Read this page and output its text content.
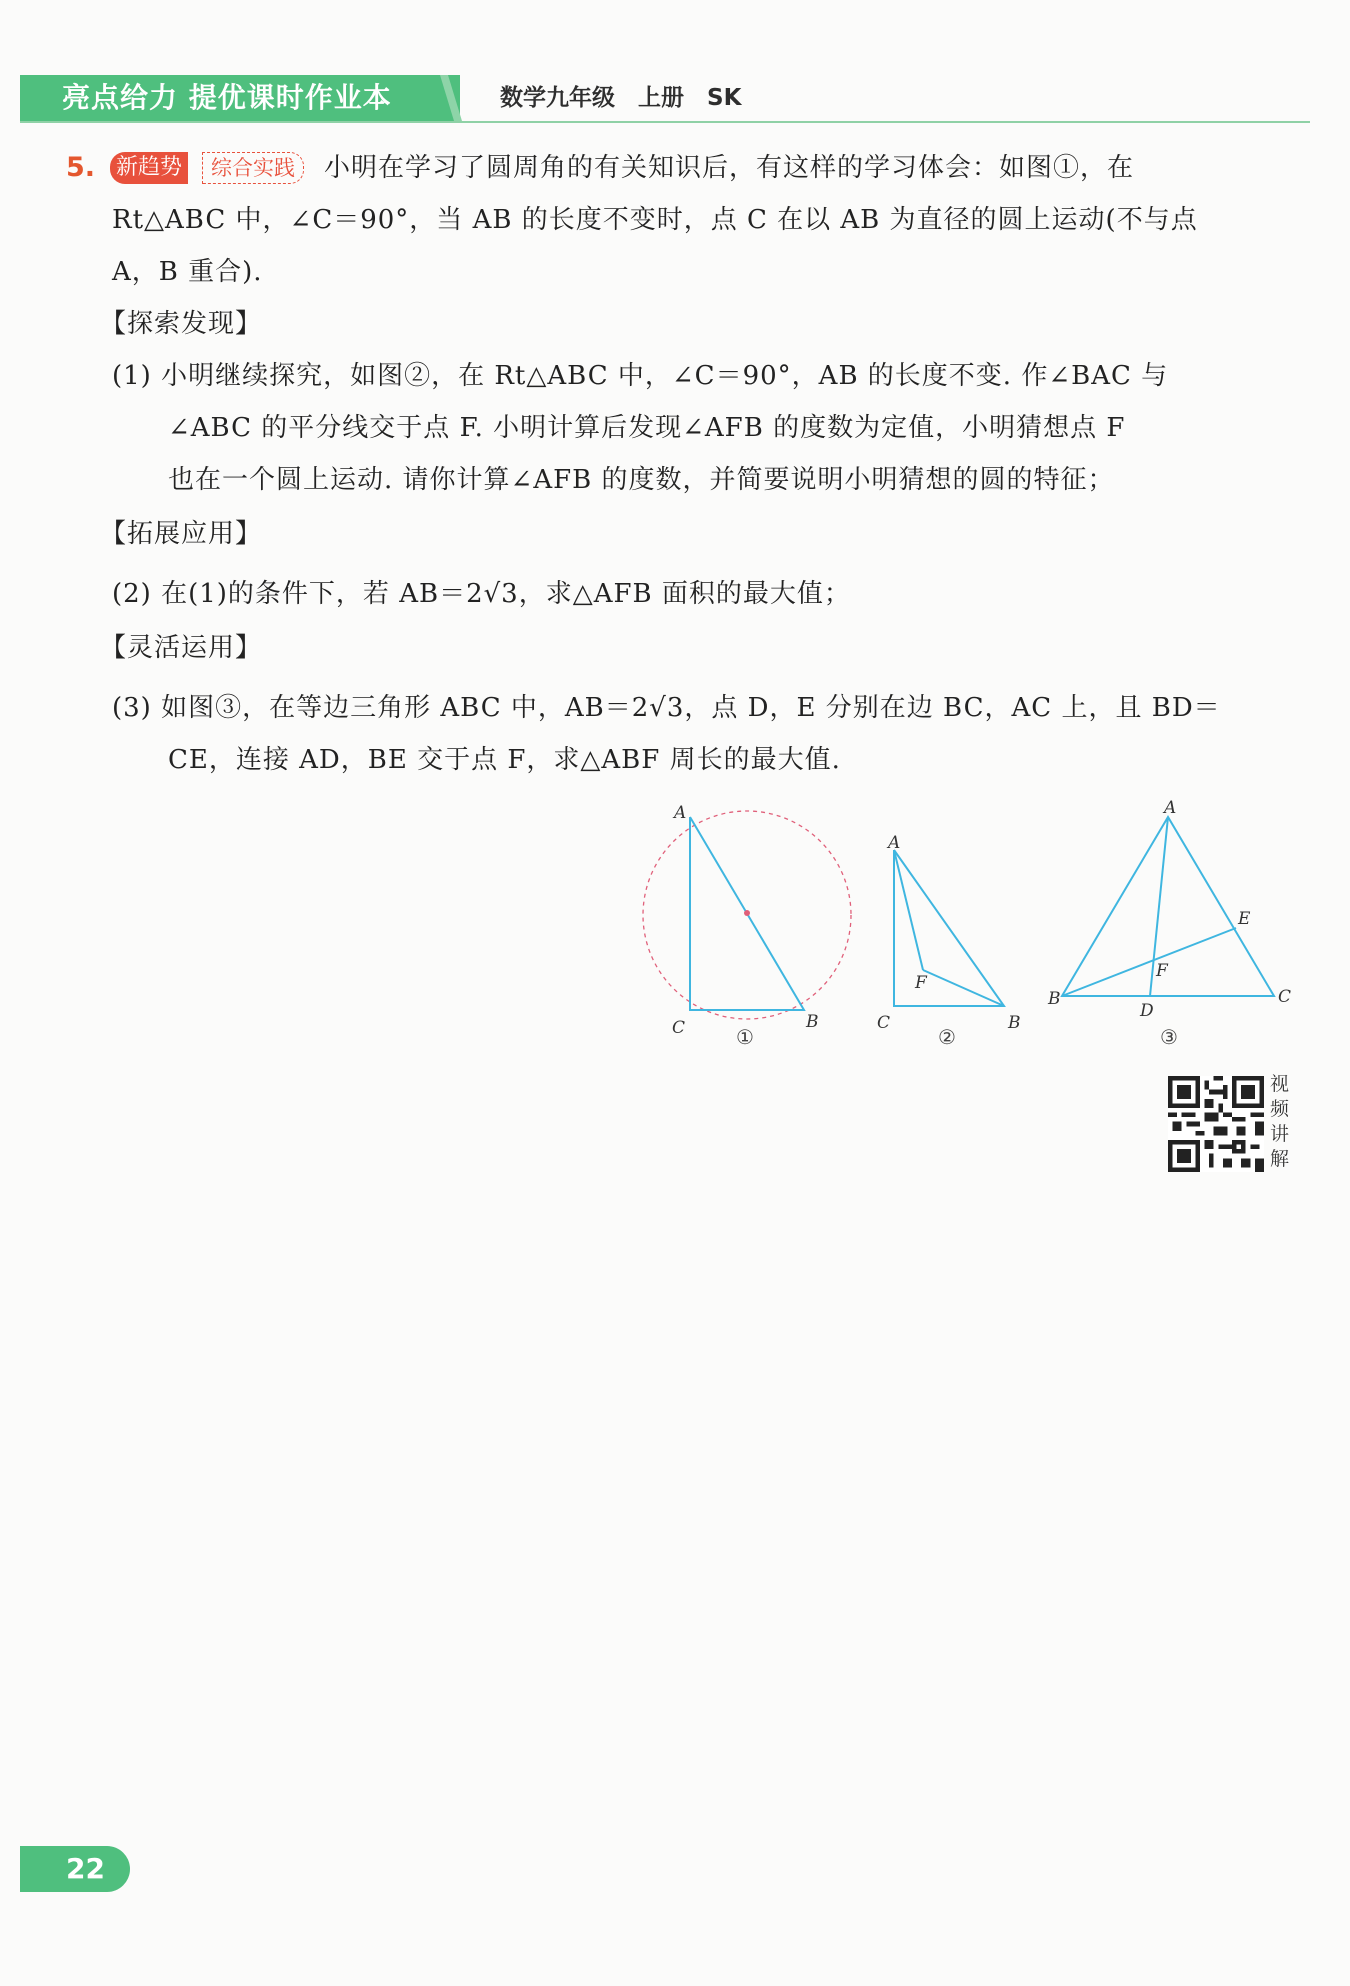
亮点给力 提优课时作业本	数学九年级　上册　SK
5. 新趋势	综合实践	小明在学习了圆周角的有关知识后，有这样的学习体会：如图①，在
Rt△ABC 中，∠C＝90°，当 AB 的长度不变时，点 C 在以 AB 为直径的圆上运动(不与点
A，B 重合).
【探索发现】
(1) 小明继续探究，如图②，在 Rt△ABC 中，∠C＝90°，AB 的长度不变. 作∠BAC 与
∠ABC 的平分线交于点 F. 小明计算后发现∠AFB 的度数为定值，小明猜想点 F
也在一个圆上运动. 请你计算∠AFB 的度数，并简要说明小明猜想的圆的特征；
【拓展应用】
(2) 在(1)的条件下，若 AB＝2√3，求△AFB 面积的最大值；
【灵活运用】
(3) 如图③，在等边三角形 ABC 中，AB＝2√3，点 D，E 分别在边 BC，AC 上，且 BD＝
CE，连接 AD，BE 交于点 F，求△ABF 周长的最大值.
A
C	B
①
A
C	B
F
②
A
B	C
D
E
F
③
视频讲解
22
